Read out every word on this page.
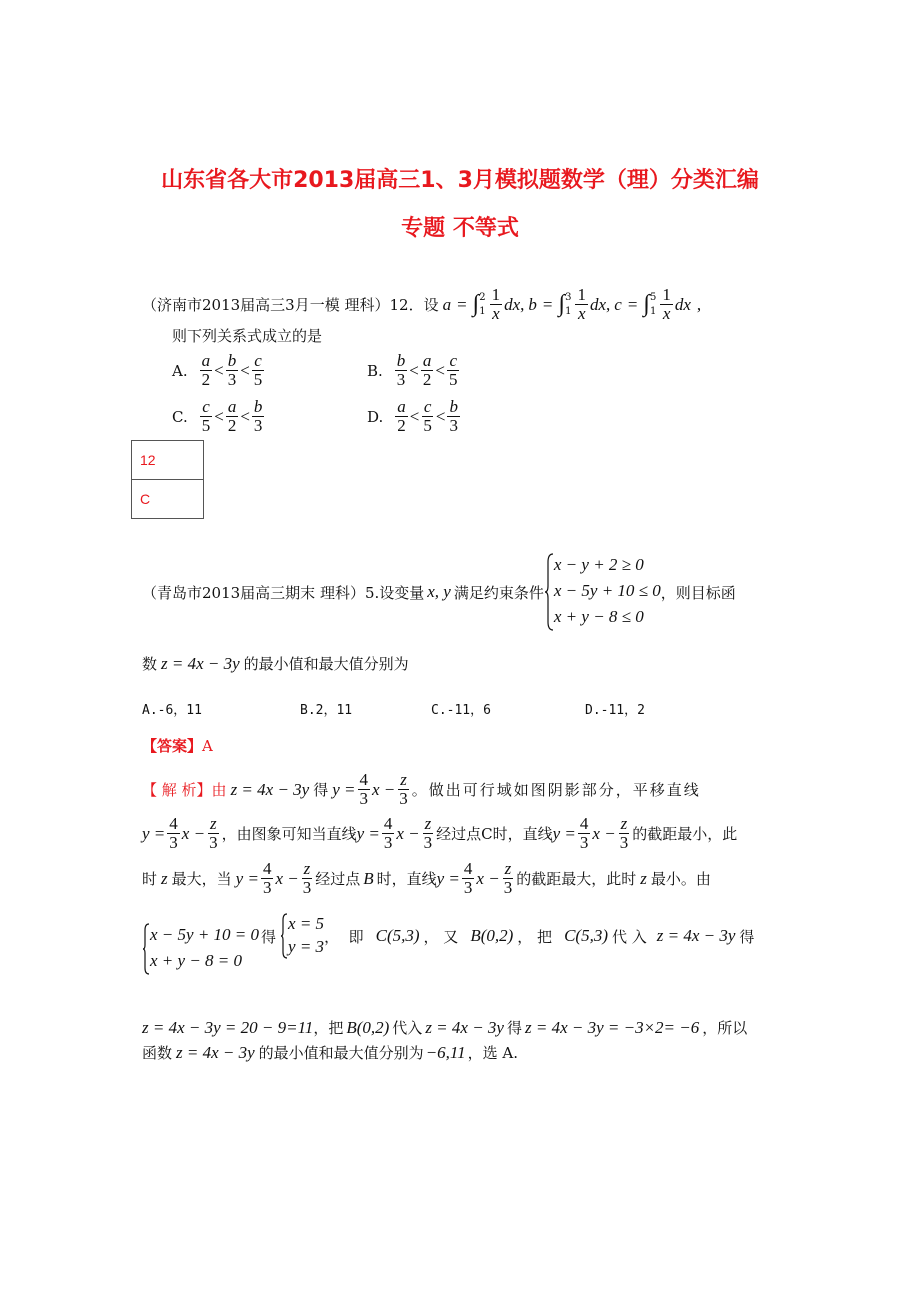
山东省各大市2013届高三1、3月模拟题数学（理）分类汇编
专题 不等式
（济南市2013届高三3月一模 理科）12．设 a = ∫ 2
$1 \frac{1}{x}$ dx , b = ∫ 3
$1 \frac{1}{x}$ dx , c = ∫ 5
$1 \frac{1}{x}$ dx ,
则下列关系式成立的是
A. $\frac{a}{2} < \frac{b}{3} < \frac{c}{5}$	B. $\frac{b}{3} < \frac{a}{2} < \frac{c}{5}$
C. $\frac{c}{5} < \frac{a}{2} < \frac{b}{3}$	D. $\frac{a}{2} < \frac{c}{5} < \frac{b}{3}$
12
C
（青岛市2013届高三期末 理科）5.设变量 x, y 满足约束条件
x − y + 2 ≥ 0
x − 5y + 10 ≤ 0
x + y − 8 ≤ 0
，则目标函
数 z = 4x − 3y 的最小值和最大值分别为
A.-6，11	B.2，11	C.-11，6	D.-11，2
【答案】A
【 解 析】 由 z = 4x − 3y 得 $y = \frac{4}{3}$ $x - \frac{z}{3}$ 。做出可行域如图阴影部分，平移直线
$y = \frac{4}{3}$ $x - \frac{z}{3}$ ，由图象可知当直线 $y = \frac{4}{3}$ $x - \frac{z}{3}$ 经过点C时，直线 $y = \frac{4}{3}$ $x - \frac{z}{3}$ 的截距最小，此
时 z 最大，当 $y = \frac{4}{3}$ $x - \frac{z}{3}$ 经过点 B 时，直线 $y = \frac{4}{3}$ $x - \frac{z}{3}$ 的截距最大，此时 z 最小。由
x − 5y + 10 = 0
x + y − 8 = 0
得
x = 5
y = 3
，  即 C(5,3) ， 又 B(0,2) ， 把 C(5,3) 代 入 z = 4x − 3y 得
z = 4x − 3y = 20 − 9=11 ，把 B(0,2) 代入 z = 4x − 3y 得 z = 4x − 3y = −3×2= −6 ，所以
函数 z = 4x − 3y 的最小值和最大值分别为 −6,11 ，选 A.
